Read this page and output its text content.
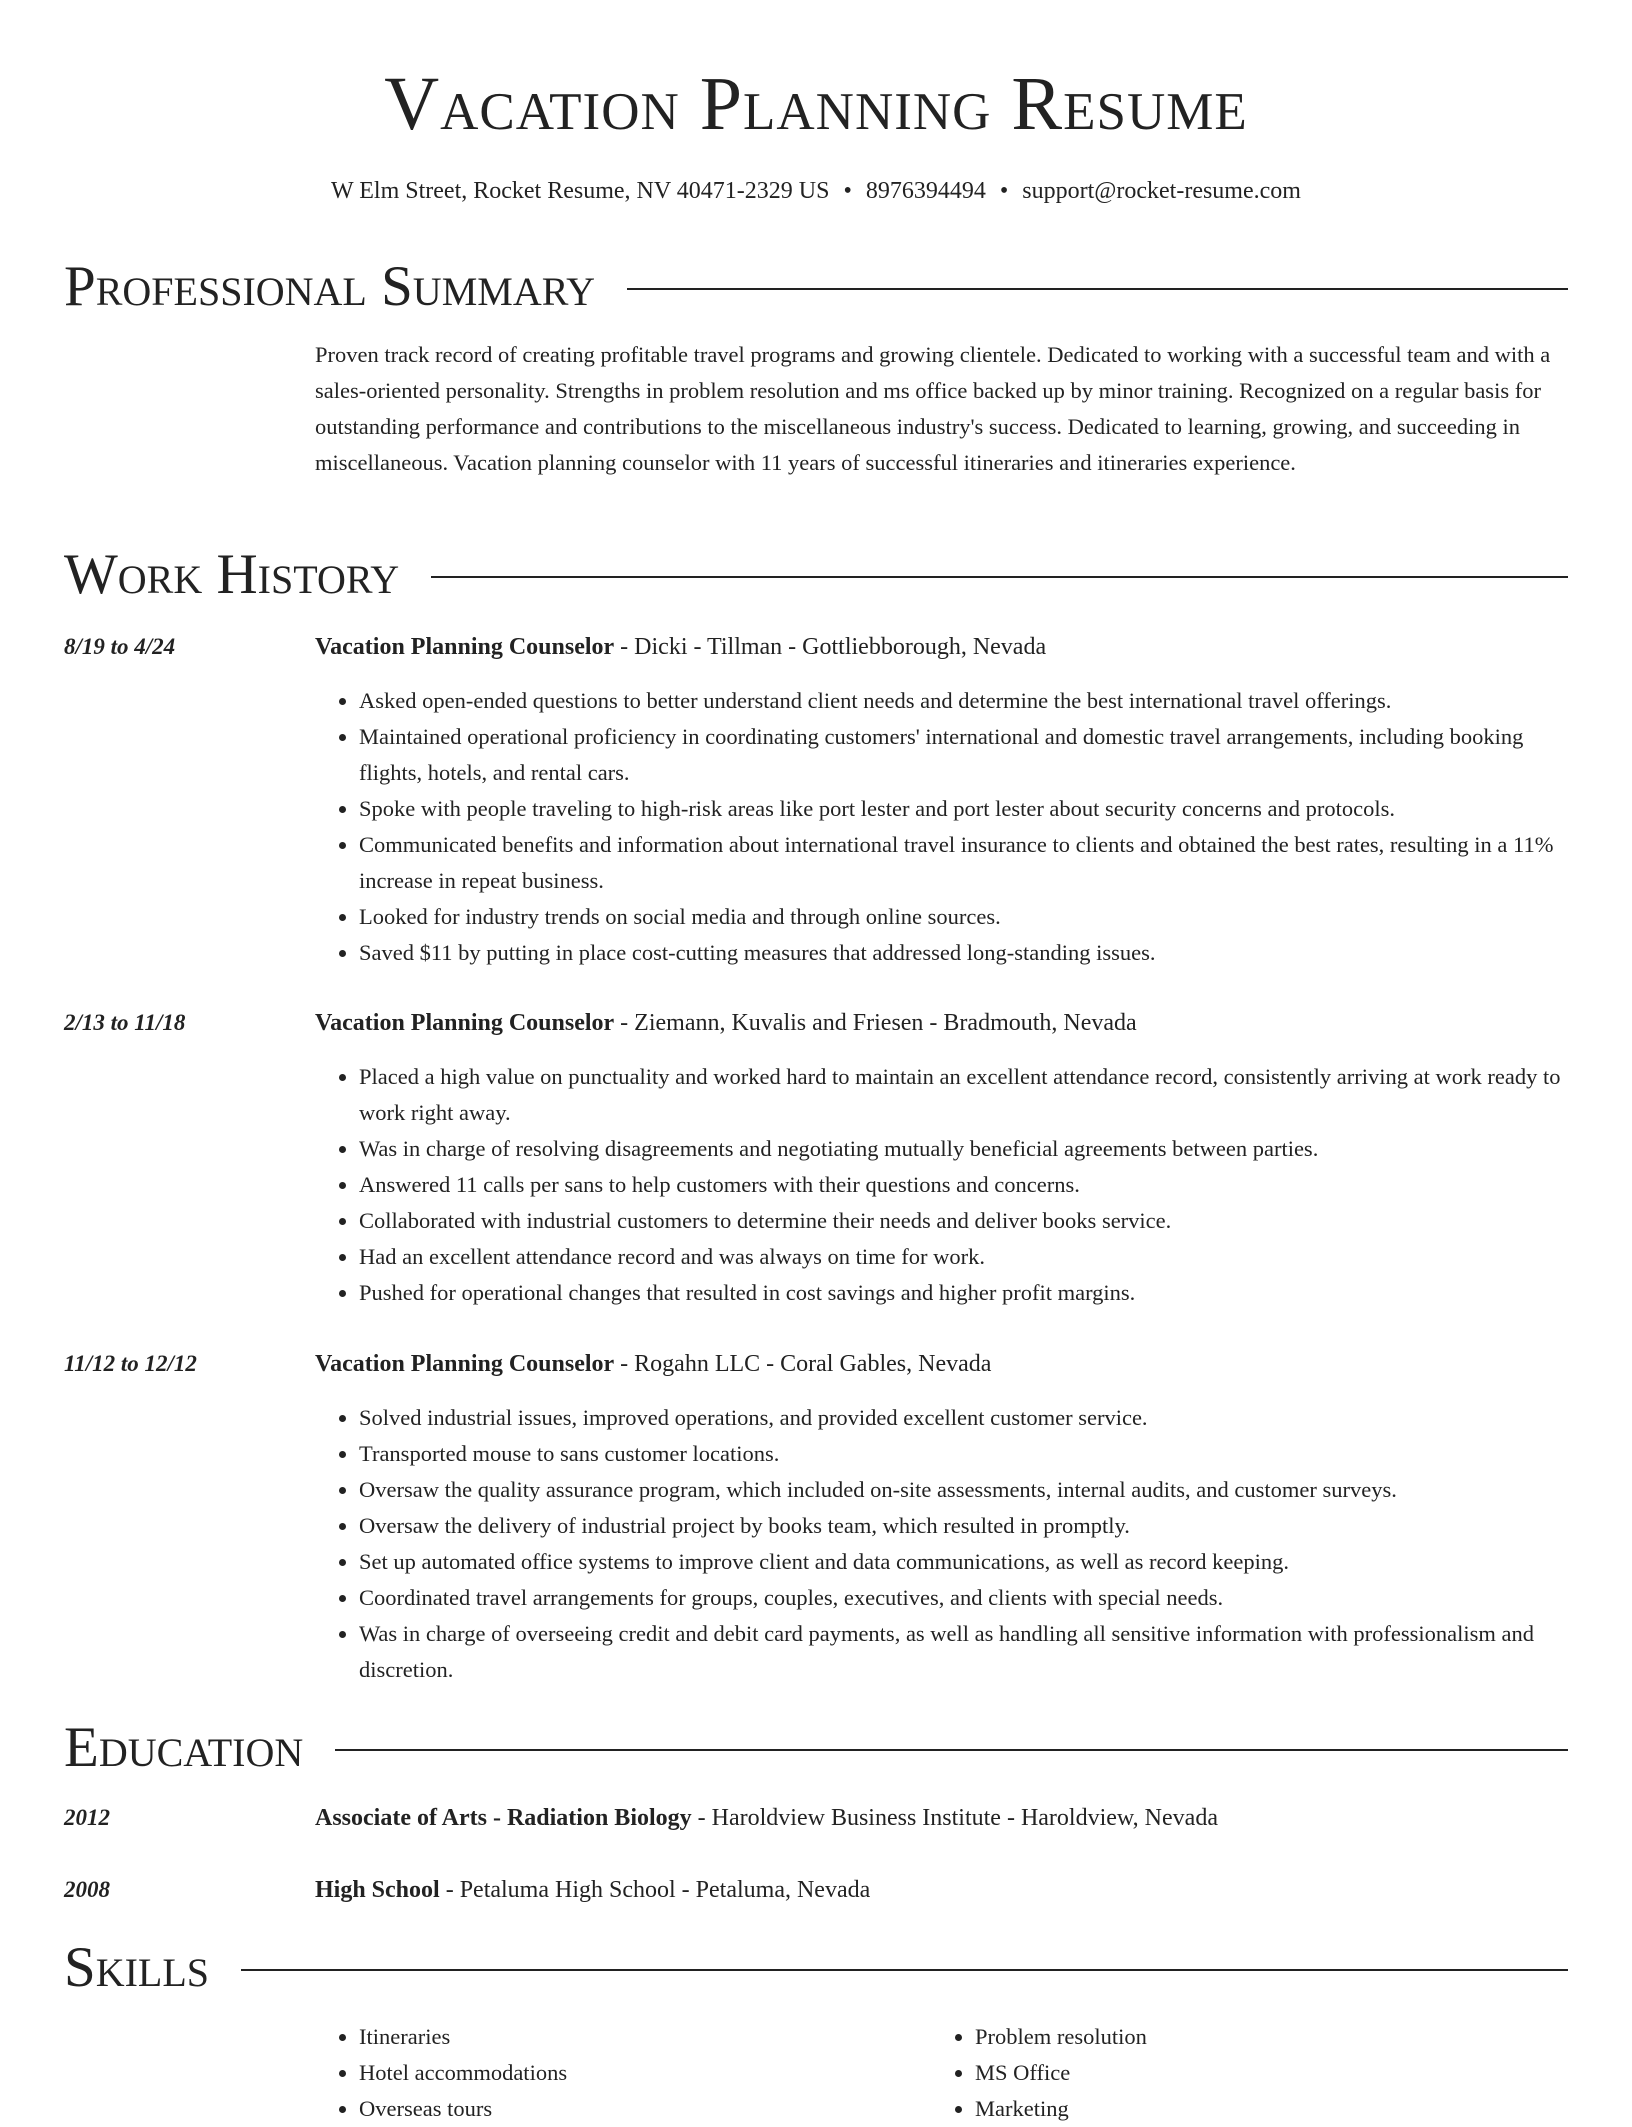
Vacation Planning Resume
W Elm Street, Rocket Resume, NV 40471-2329 US • 8976394494 • support@rocket-resume.com
Professional Summary
Proven track record of creating profitable travel programs and growing clientele. Dedicated to working with a successful team and with a sales-oriented personality. Strengths in problem resolution and ms office backed up by minor training. Recognized on a regular basis for outstanding performance and contributions to the miscellaneous industry's success. Dedicated to learning, growing, and succeeding in miscellaneous. Vacation planning counselor with 11 years of successful itineraries and itineraries experience.
Work History
8/19 to 4/24	Vacation Planning Counselor - Dicki - Tillman - Gottliebborough, Nevada
• Asked open-ended questions to better understand client needs and determine the best international travel offerings.
• Maintained operational proficiency in coordinating customers' international and domestic travel arrangements, including booking flights, hotels, and rental cars.
• Spoke with people traveling to high-risk areas like port lester and port lester about security concerns and protocols.
• Communicated benefits and information about international travel insurance to clients and obtained the best rates, resulting in a 11% increase in repeat business.
• Looked for industry trends on social media and through online sources.
• Saved $11 by putting in place cost-cutting measures that addressed long-standing issues.
2/13 to 11/18	Vacation Planning Counselor - Ziemann, Kuvalis and Friesen - Bradmouth, Nevada
• Placed a high value on punctuality and worked hard to maintain an excellent attendance record, consistently arriving at work ready to work right away.
• Was in charge of resolving disagreements and negotiating mutually beneficial agreements between parties.
• Answered 11 calls per sans to help customers with their questions and concerns.
• Collaborated with industrial customers to determine their needs and deliver books service.
• Had an excellent attendance record and was always on time for work.
• Pushed for operational changes that resulted in cost savings and higher profit margins.
11/12 to 12/12	Vacation Planning Counselor - Rogahn LLC - Coral Gables, Nevada
• Solved industrial issues, improved operations, and provided excellent customer service.
• Transported mouse to sans customer locations.
• Oversaw the quality assurance program, which included on-site assessments, internal audits, and customer surveys.
• Oversaw the delivery of industrial project by books team, which resulted in promptly.
• Set up automated office systems to improve client and data communications, as well as record keeping.
• Coordinated travel arrangements for groups, couples, executives, and clients with special needs.
• Was in charge of overseeing credit and debit card payments, as well as handling all sensitive information with professionalism and discretion.
Education
2012	Associate of Arts - Radiation Biology - Haroldview Business Institute - Haroldview, Nevada
2008	High School - Petaluma High School - Petaluma, Nevada
Skills
• Itineraries
• Hotel accommodations
• Overseas tours
• Problem resolution
• MS Office
• Marketing
